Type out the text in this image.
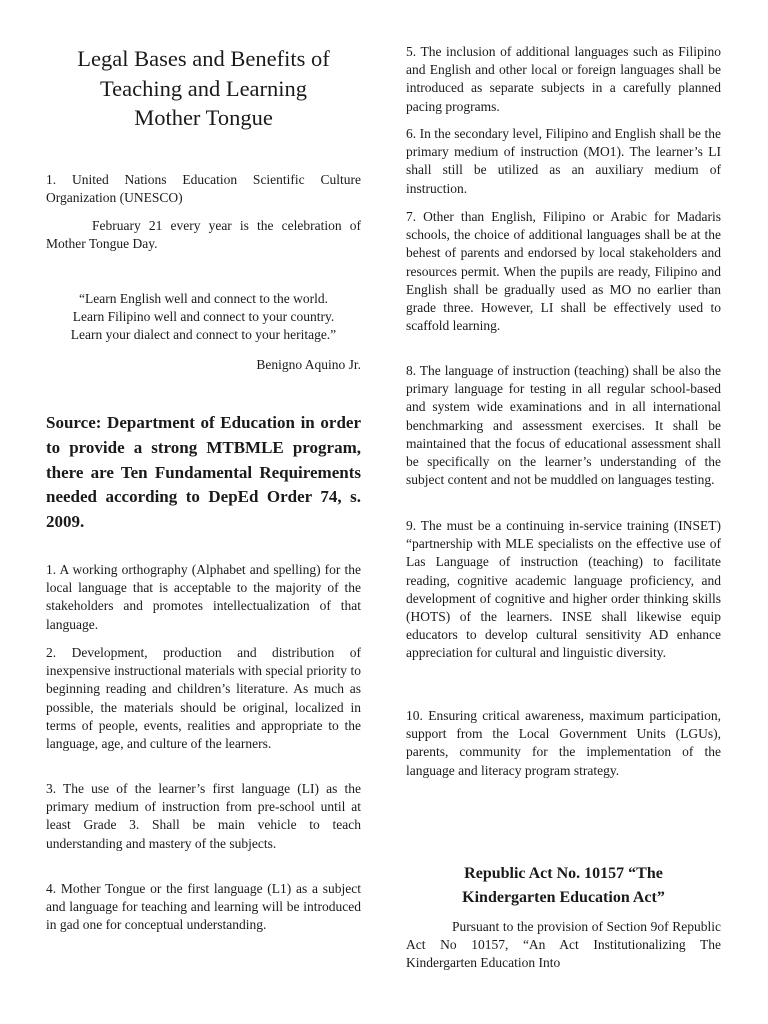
Legal Bases and Benefits of
Teaching and Learning
Mother Tongue

1. United Nations Education Scientific Culture Organization (UNESCO)

February 21 every year is the celebration of Mother Tongue Day.

“Learn English well and connect to the world.
Learn Filipino well and connect to your country.
Learn your dialect and connect to your heritage.”

Benigno Aquino Jr.

Source: Department of Education in order to provide a strong MTBMLE program, there are Ten Fundamental Requirements needed according to DepEd Order 74, s. 2009.

1. A working orthography (Alphabet and spelling) for the local language that is acceptable to the majority of the stakeholders and promotes intellectualization of that language.

2. Development, production and distribution of inexpensive instructional materials with special priority to beginning reading and children’s literature. As much as possible, the materials should be original, localized in terms of people, events, realities and appropriate to the language, age, and culture of the learners.

3. The use of the learner’s first language (LI) as the primary medium of instruction from pre-school until at least Grade 3. Shall be main vehicle to teach understanding and mastery of the subjects.

4. Mother Tongue or the first language (L1) as a subject and language for teaching and learning will be introduced in gad one for conceptual understanding.

5. The inclusion of additional languages such as Filipino and English and other local or foreign languages shall be introduced as separate subjects in a carefully planned pacing programs.

6. In the secondary level, Filipino and English shall be the primary medium of instruction (MO1). The learner’s LI shall still be utilized as an auxiliary medium of instruction.

7. Other than English, Filipino or Arabic for Madaris schools, the choice of additional languages shall be at the behest of parents and endorsed by local stakeholders and resources permit. When the pupils are ready, Filipino and English shall be gradually used as MO no earlier than grade three. However, LI shall be effectively used to scaffold learning.

8. The language of instruction (teaching) shall be also the primary language for testing in all regular school-based and system wide examinations and in all international benchmarking and assessment exercises. It shall be maintained that the focus of educational assessment shall be specifically on the learner’s understanding of the subject content and not be muddled on languages testing.

9. The must be a continuing in-service training (INSET) “partnership with MLE specialists on the effective use of Las Language of instruction (teaching) to facilitate reading, cognitive academic language proficiency, and development of cognitive and higher order thinking skills (HOTS) of the learners. INSE shall likewise equip educators to develop cultural sensitivity AD enhance appreciation for cultural and linguistic diversity.

10. Ensuring critical awareness, maximum participation, support from the Local Government Units (LGUs), parents, community for the implementation of the language and literacy program strategy.

Republic Act No. 10157 “The
Kindergarten Education Act”

Pursuant to the provision of Section 9of Republic Act No 10157, “An Act Institutionalizing The Kindergarten Education Into
